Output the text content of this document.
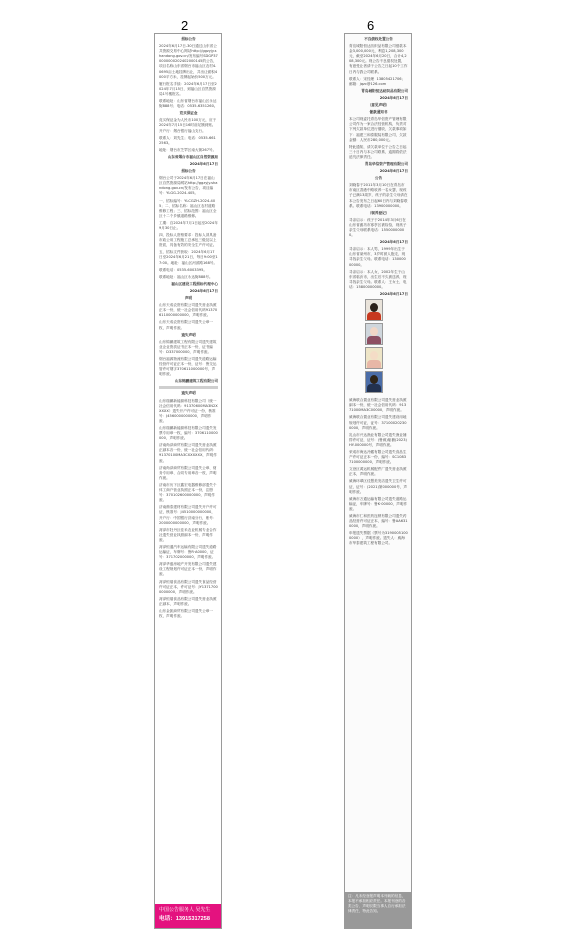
2	6
招标公告
2024年6月17日-30日通过山东省公共资源交易中心网站http://ggzyjy.shandong.gov.cn/发布编号SDGP370000000202402000145的公告，项目名称山东省烟台市福山区农村4.0695亩土地挂牌出让，共出让面积4000平方米，挂牌起始价500万元。
履行报名手续：2024年6月17日至2024年7月15日，到福山区自然资源局1号楼报名。
联系地址：山东省烟台市福山区永达街888号；电话：0535-6351260。
竞买保证金
竞买保证金为人民币100万元，应于2024年7月15日16时前足额到账。开户行：烟台银行福山支行。
联系人：刘先生；电话：0535-6612563。
地址：烟台市芝罘区南大街267号。
山东省烟台市福山区自然资源局
2024年6月17日
招标公告
烟台公司于2024年6月17日在福山区自然资源局网站http://ggzyjy.shandong.gov.cn/发布公告，项目编号：YLGG-2024-405。
一、招标编号：YLCGZH-2024-405；二、招标名称：福山区农村道路维修工程；三、招标范围：福山区全区十二个乡镇道路维修。
工期：自2024年7月1日起至2024年9月30日止。
四、投标人资格要求：投标人须具备市政公用工程施工总承包三级及以上资质，具备有效的安全生产许可证。
五、招标文件获取：2024年6月17日至2024年6月21日，每日9:00至17:00。地址：福山区河滨路168号。
联系电话：0535-6003395。
联系地址：福山区永达街888号。
福山区建设工程招标代理中心
2024年6月17日
声明
山东天成农资有限公司遗失营业执照正本一份，统一社会信用代码913706110000000000，声明作废。
山东天成农资有限公司遗失公章一枚，声明作废。
遗失声明
山东锦鹏建筑工程有限公司遗失建筑业企业资质证书正本一份，证书编号：D337000000，声明作废。
烟台福源物流有限公司遗失道路运输经营许可证正本一份，证号：鲁交运管许可烟字370611000000号，声明作废。
山东锦鹏建筑工程有限公司
遗失声明
山东瑞鹏新能源科技有限公司（统一社会信用代码：91370600MA3N2XXXXX）遗失开户许可证一份，核准号：J4560000000000，声明作废。
山东瑞鹏新能源科技有限公司遗失发票专用章一枚，编号：3706110000000，声明作废。
济南尚泽商贸有限公司遗失营业执照正副本各一份，统一社会信用代码：91370100MA3CXXXXXX，声明作废。
济南尚泽商贸有限公司遗失公章、财务专用章、合同专用章各一枚，声明作废。
济南市历下区鑫宏电器维修部遗失个体工商户营业执照正本一份，注册号：370102600000000，声明作废。
济南鼎泰建材有限公司遗失开户许可证，核准号：J4510000000000，开户行：中国银行济南分行，账号：2000000000000，声明作废。
菏泽市牡丹区佳禾农业机械专业合作社遗失营业执照副本一份，声明作废。
菏泽恒通汽车运输有限公司遗失道路运输证，车牌号：鲁R·A0000，证号：371702000000，声明作废。
菏泽华盛房地产开发有限公司遗失建设工程规划许可证正本一份，声明作废。
菏泽恒瑞食品有限公司遗失食品经营许可证正本，许可证号：JY13717000000000，声明作废。
菏泽恒瑞食品有限公司遗失营业执照正副本，声明作废。
山东金凯商贸有限公司遗失公章一枚，声明作废。
中国公告服务人 吴先生
电话：13915317258
不良债权处置公告
青岛城阳恒达纺织品有限公司借款本金3,000,000元，利息1,208,300元，截至2024年6月20日，合计4,208,300元。现公告不良债权处置，有意受让者请于公告之日起10个工作日内与我公司联系。
联系人：宋经理  13805421706；邮箱：jqzc@126.com
青岛城阳恒达纺织品有限公司
2024年6月17日
（意见声明）
催款通知书
本公司现委托青岛华信资产管理有限公司作为一家合法经营机构，负责对下列欠款单位进行催收，欠款事项如下：福建三和泰服装有限公司，欠款金额：人民币280,000元。
特此通知，请欠款单位于公告之日起三十日内与本公司联系，逾期将依法追究法律责任。
青岛华信资产管理有限公司
2024年6月17日
公告
刘晓春于2011年3月10日在青岛市市南区香港中路收养一名女婴，现孩子已满13周岁，孩子的亲生父母请在本公告发布之日起60日内与刘晓春联系。联系电话：13900000000。
（领养登记）
寻亲启示：孩子于2014年3月6日在山东省潍坊市寒亭区被捡拾，现孩子亲生父母联系电话：15500000000。
2024年6月17日
寻亲启示：本人男，1999年出生于山东省莱州市，3岁时被人抱走，现寻找亲生父母。联系电话：13000000000。
寻亲启示：本人女，2002年生于山东省临沂市，出生后不久被送养，现寻找亲生父母。联系人：王女士，电话：15800000000。
2024年6月17日
威海联合置业有限公司遗失营业执照副本一份，统一社会信用代码：91371000MA3C00000，声明作废。
威海联合置业有限公司遗失建设用地规划许可证，证号：371000202300000，声明作废。
乳山市兴达渔业有限公司遗失渔业捕捞许可证，证号：(鲁威)船捕(2023)HY-000000号，声明作废。
荣成市海达冷藏有限公司遗失食品生产许可证正本一份，编号：SC10837100000000，声明作废。
文登区鸿运机械配件厂遗失营业执照正本，声明作废。
威海环翠区佳慧美发店遗失卫生许可证，证号：(2021)第000000号，声明作废。
威海市万通运输有限公司遗失道路运输证，车牌号：鲁K·00000，声明作废。
威海市仁和医药连锁有限公司遗失药品经营许可证正本，编号：鲁AA6310000，声明作废。
申报遗失票据（票号为31900051000000），声明作废。遗失人：威海市华泰建筑工程有限公司。
注：凡未经登报声明本刊载的信息，本报不承担相应责任。本报刊登的各类公告、声明仅限当事人自行承担法律责任，特此告知。
